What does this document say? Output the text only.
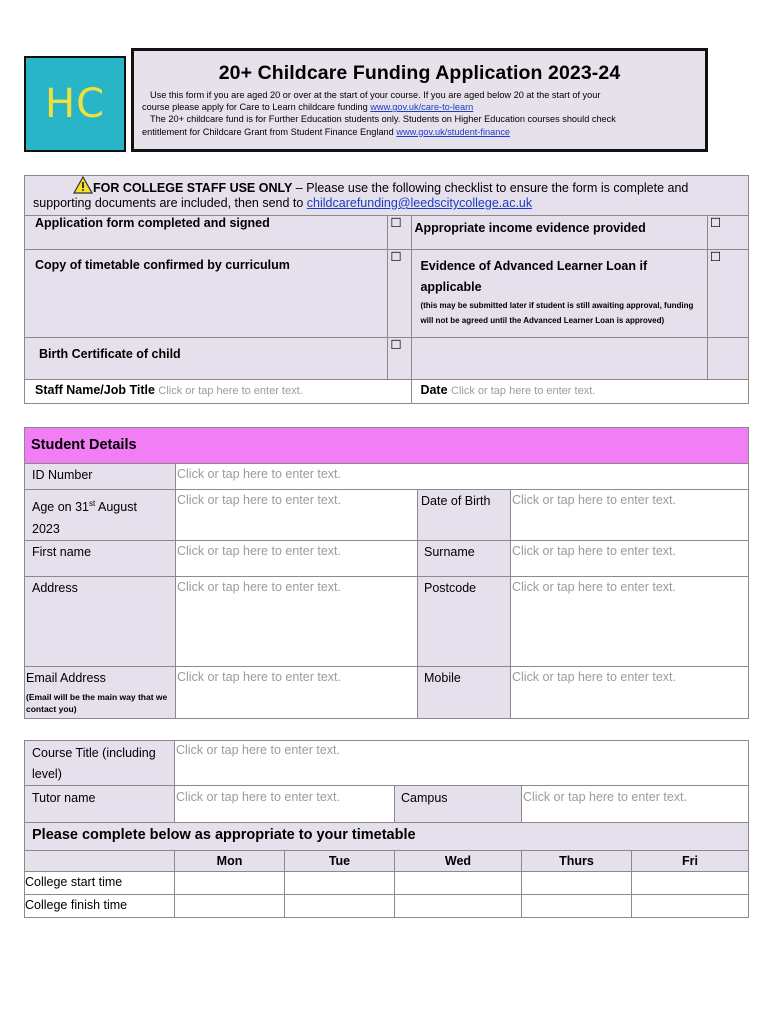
HC
20+ Childcare Funding Application 2023-24

Use this form if you are aged 20 or over at the start of your course. If you are aged below 20 at the start of your

course please apply for Care to Learn childcare funding www.gov.uk/care-to-learn

The 20+ childcare fund is for Further Education students only. Students on Higher Education courses should check

entitlement for Childcare Grant from Student Finance England www.gov.uk/student-finance

FOR COLLEGE STAFF USE ONLY – Please use the following checklist to ensure the form is complete and
supporting documents are included, then send to childcarefunding@leedscitycollege.ac.uk			
Application form completed and signed	☐	Appropriate income evidence provided	☐
Copy of timetable confirmed by curriculum	☐	Evidence of Advanced Learner Loan if applicable
(this may be submitted later if student is still awaiting approval, funding will not be agreed until the Advanced Learner Loan is approved)	☐
Birth Certificate of child	☐		
Staff Name/Job Title Click or tap here to enter text.		Date Click or tap here to enter text.	
Student Details			
ID Number	Click or tap here to enter text.		
Age on 31st August 2023	Click or tap here to enter text.	Date of Birth	Click or tap here to enter text.
First name	Click or tap here to enter text.	Surname	Click or tap here to enter text.
Address	Click or tap here to enter text.	Postcode	Click or tap here to enter text.

Email Address
(Email will be the main way that we contact you)	Click or tap here to enter text.	Mobile	Click or tap here to enter text.
Course Title (including level)	Click or tap here to enter text.				
Tutor name	Click or tap here to enter text.		Campus	Click or tap here to enter text.	
Please complete below as appropriate to your timetable					
	Mon	Tue	Wed	Thurs	Fri
College start time					
College finish time					
